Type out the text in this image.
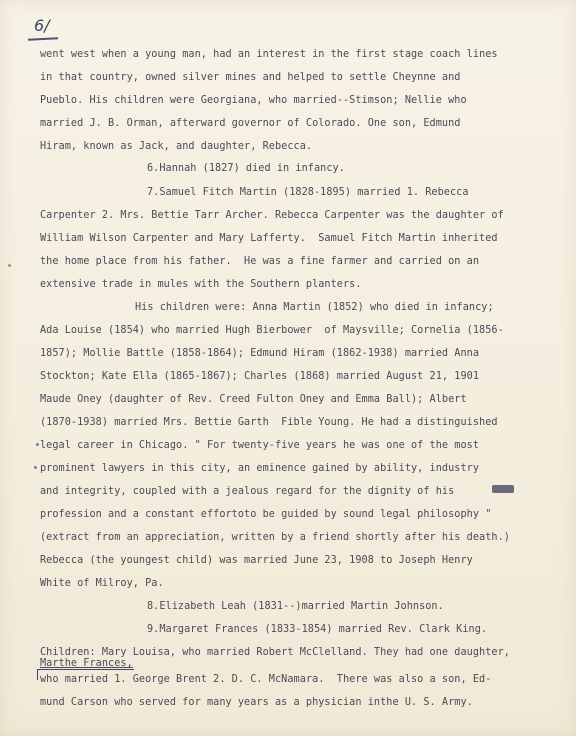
6/
went west when a young man, had an interest in the first stage coach lines
in that country, owned silver mines and helped to settle Cheynne and
Pueblo. His children were Georgiana, who married--Stimson; Nellie who
married J. B. Orman, afterward governor of Colorado. One son, Edmund
Hiram, known as Jack, and daughter, Rebecca.
6.Hannah (1827) died in infancy.
7.Samuel Fitch Martin (1828-1895) married 1. Rebecca
Carpenter 2. Mrs. Bettie Tarr Archer. Rebecca Carpenter was the daughter of
William Wilson Carpenter and Mary Lafferty.  Samuel Fitch Martin inherited
the home place from his father.  He was a fine farmer and carried on an
extensive trade in mules with the Southern planters.
His children were: Anna Martin (1852) who died in infancy;
Ada Louise (1854) who married Hugh Bierbower  of Maysville; Cornelia (1856-
1857); Mollie Battle (1858-1864); Edmund Hiram (1862-1938) married Anna
Stockton; Kate Ella (1865-1867); Charles (1868) married August 21, 1901
Maude Oney (daughter of Rev. Creed Fulton Oney and Emma Ball); Albert
(1870-1938) married Mrs. Bettie Garth  Fible Young. He had a distinguished
legal career in Chicago. " For twenty-five years he was one of the most
prominent lawyers in this city, an eminence gained by ability, industry
and integrity, coupled with a jealous regard for the dignity of his
profession and a constant effortoto be guided by sound legal philosophy "
(extract from an appreciation, written by a friend shortly after his death.)
Rebecca (the youngest child) was married June 23, 1908 to Joseph Henry
White of Milroy, Pa.
8.Elizabeth Leah (1831--)married Martin Johnson.
9.Margaret Frances (1833-1854) married Rev. Clark King.
Children: Mary Louisa, who married Robert McClelland. They had one daughter,
Marthe Frances,
who married 1. George Brent 2. D. C. McNamara.  There was also a son, Ed-
mund Carson who served for many years as a physician inthe U. S. Army.
